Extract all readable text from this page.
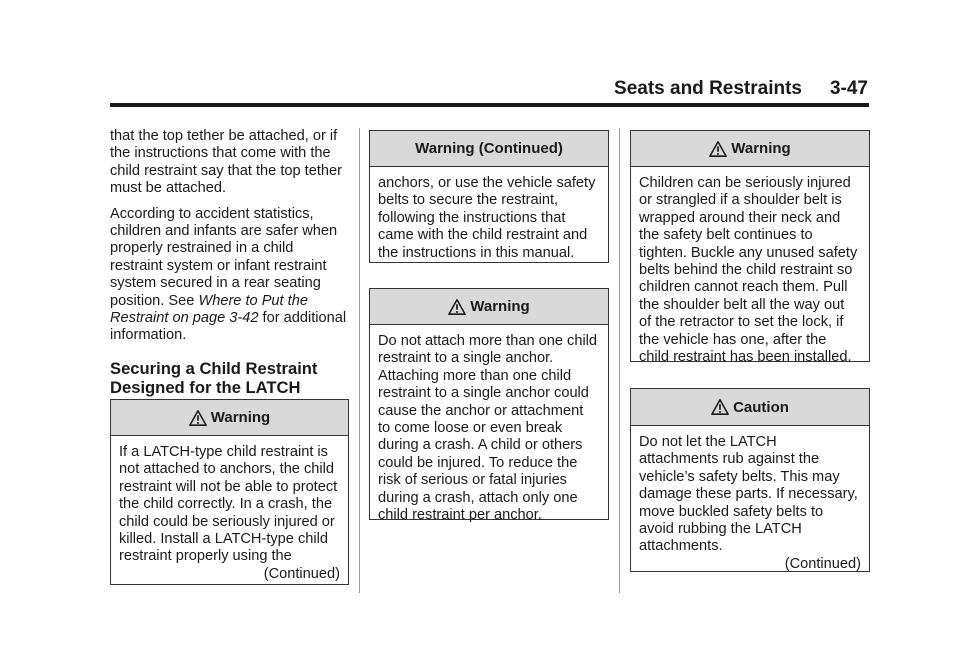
Seats and Restraints 3-47

that the top tether be attached, or if the instructions that come with the child restraint say that the top tether must be attached.

According to accident statistics, children and infants are safer when properly restrained in a child restraint system or infant restraint system secured in a rear seating position. See Where to Put the Restraint on page 3-42 for additional information.

Securing a Child Restraint Designed for the LATCH
Warning
If a LATCH-type child restraint is not attached to anchors, the child restraint will not be able to protect the child correctly. In a crash, the child could be seriously injured or killed. Install a LATCH-type child restraint properly using the
(Continued)
Warning (Continued)
anchors, or use the vehicle safety belts to secure the restraint, following the instructions that came with the child restraint and the instructions in this manual.
Warning
Do not attach more than one child restraint to a single anchor. Attaching more than one child restraint to a single anchor could cause the anchor or attachment to come loose or even break during a crash. A child or others could be injured. To reduce the risk of serious or fatal injuries during a crash, attach only one child restraint per anchor.
Warning
Children can be seriously injured or strangled if a shoulder belt is wrapped around their neck and the safety belt continues to tighten. Buckle any unused safety belts behind the child restraint so children cannot reach them. Pull the shoulder belt all the way out of the retractor to set the lock, if the vehicle has one, after the child restraint has been installed.
Caution
Do not let the LATCH attachments rub against the vehicle’s safety belts. This may damage these parts. If necessary, move buckled safety belts to avoid rubbing the LATCH attachments.
(Continued)
